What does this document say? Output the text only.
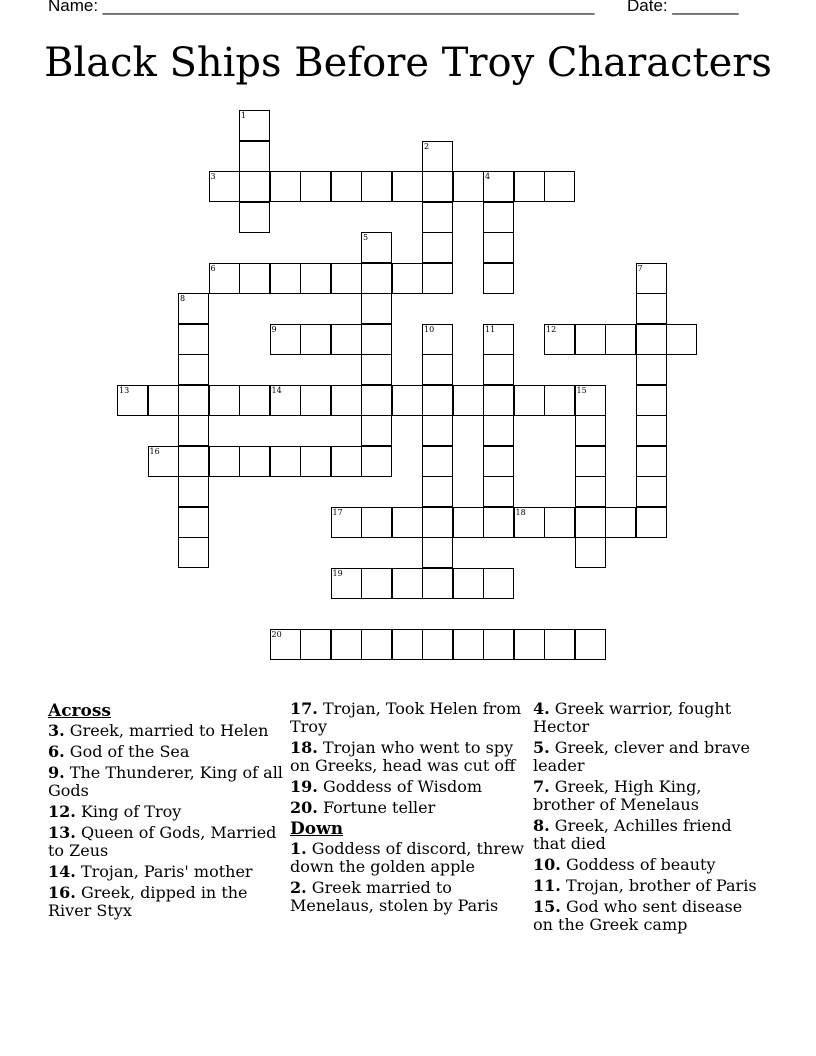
Name: ____________________________________________________ Date: _______
Black Ships Before Troy Characters
3	4
6
9	12
13	14	15
16
17	18
19
20
1
2
5
7
8
10	11
Across
3. Greek, married to Helen
6. God of the Sea
9. The Thunderer, King of all Gods
12. King of Troy
13. Queen of Gods, Married to Zeus
14. Trojan, Paris' mother
16. Greek, dipped in the River Styx
17. Trojan, Took Helen from Troy
18. Trojan who went to spy on Greeks, head was cut off
19. Goddess of Wisdom
20. Fortune teller
Down
1. Goddess of discord, threw down the golden apple
2. Greek married to Menelaus, stolen by Paris
4. Greek warrior, fought Hector
5. Greek, clever and brave leader
7. Greek, High King, brother of Menelaus
8. Greek, Achilles friend that died
10. Goddess of beauty
11. Trojan, brother of Paris
15. God who sent disease on the Greek camp
